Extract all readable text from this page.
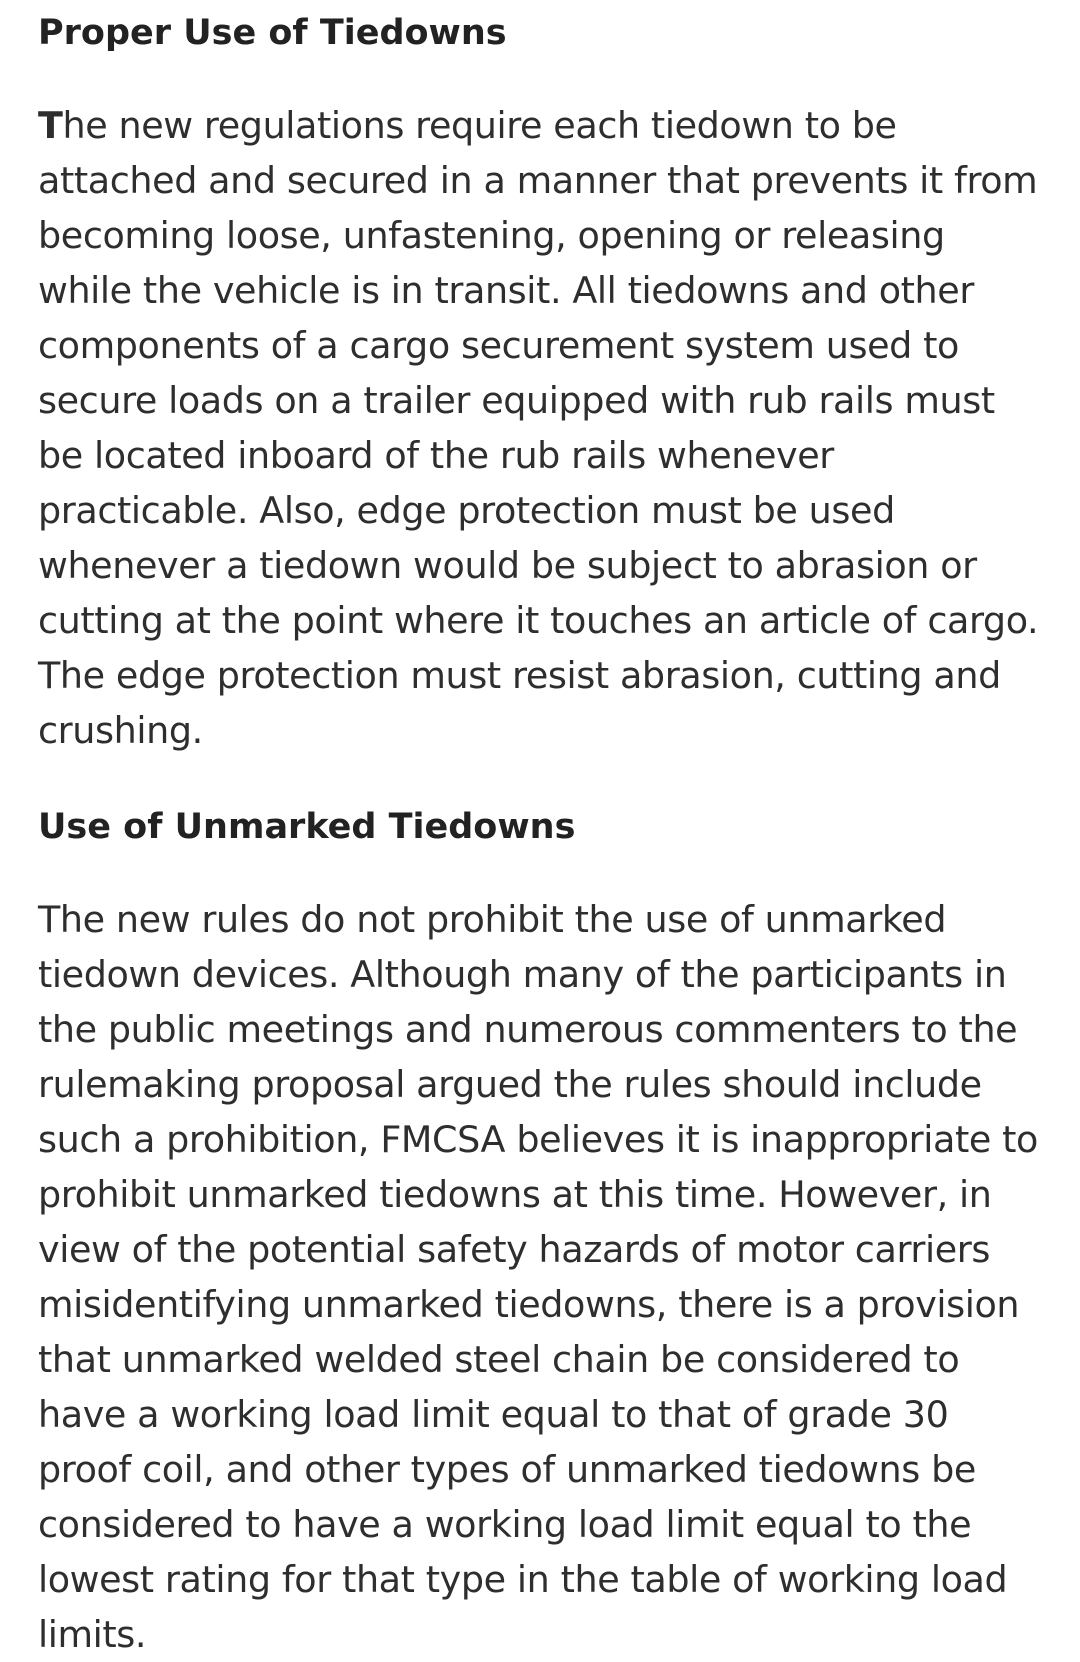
Proper Use of Tiedowns

The new regulations require each tiedown to be attached and secured in a manner that prevents it from becoming loose, unfastening, opening or releasing while the vehicle is in transit. All tiedowns and other components of a cargo securement system used to secure loads on a trailer equipped with rub rails must be located inboard of the rub rails whenever practicable. Also, edge protection must be used whenever a tiedown would be subject to abrasion or cutting at the point where it touches an article of cargo. The edge protection must resist abrasion, cutting and crushing.

Use of Unmarked Tiedowns

The new rules do not prohibit the use of unmarked tiedown devices. Although many of the participants in the public meetings and numerous commenters to the rulemaking proposal argued the rules should include such a prohibition, FMCSA believes it is inappropriate to prohibit unmarked tiedowns at this time. However, in view of the potential safety hazards of motor carriers misidentifying unmarked tiedowns, there is a provision that unmarked welded steel chain be considered to have a working load limit equal to that of grade 30 proof coil, and other types of unmarked tiedowns be considered to have a working load limit equal to the lowest rating for that type in the table of working load limits.
